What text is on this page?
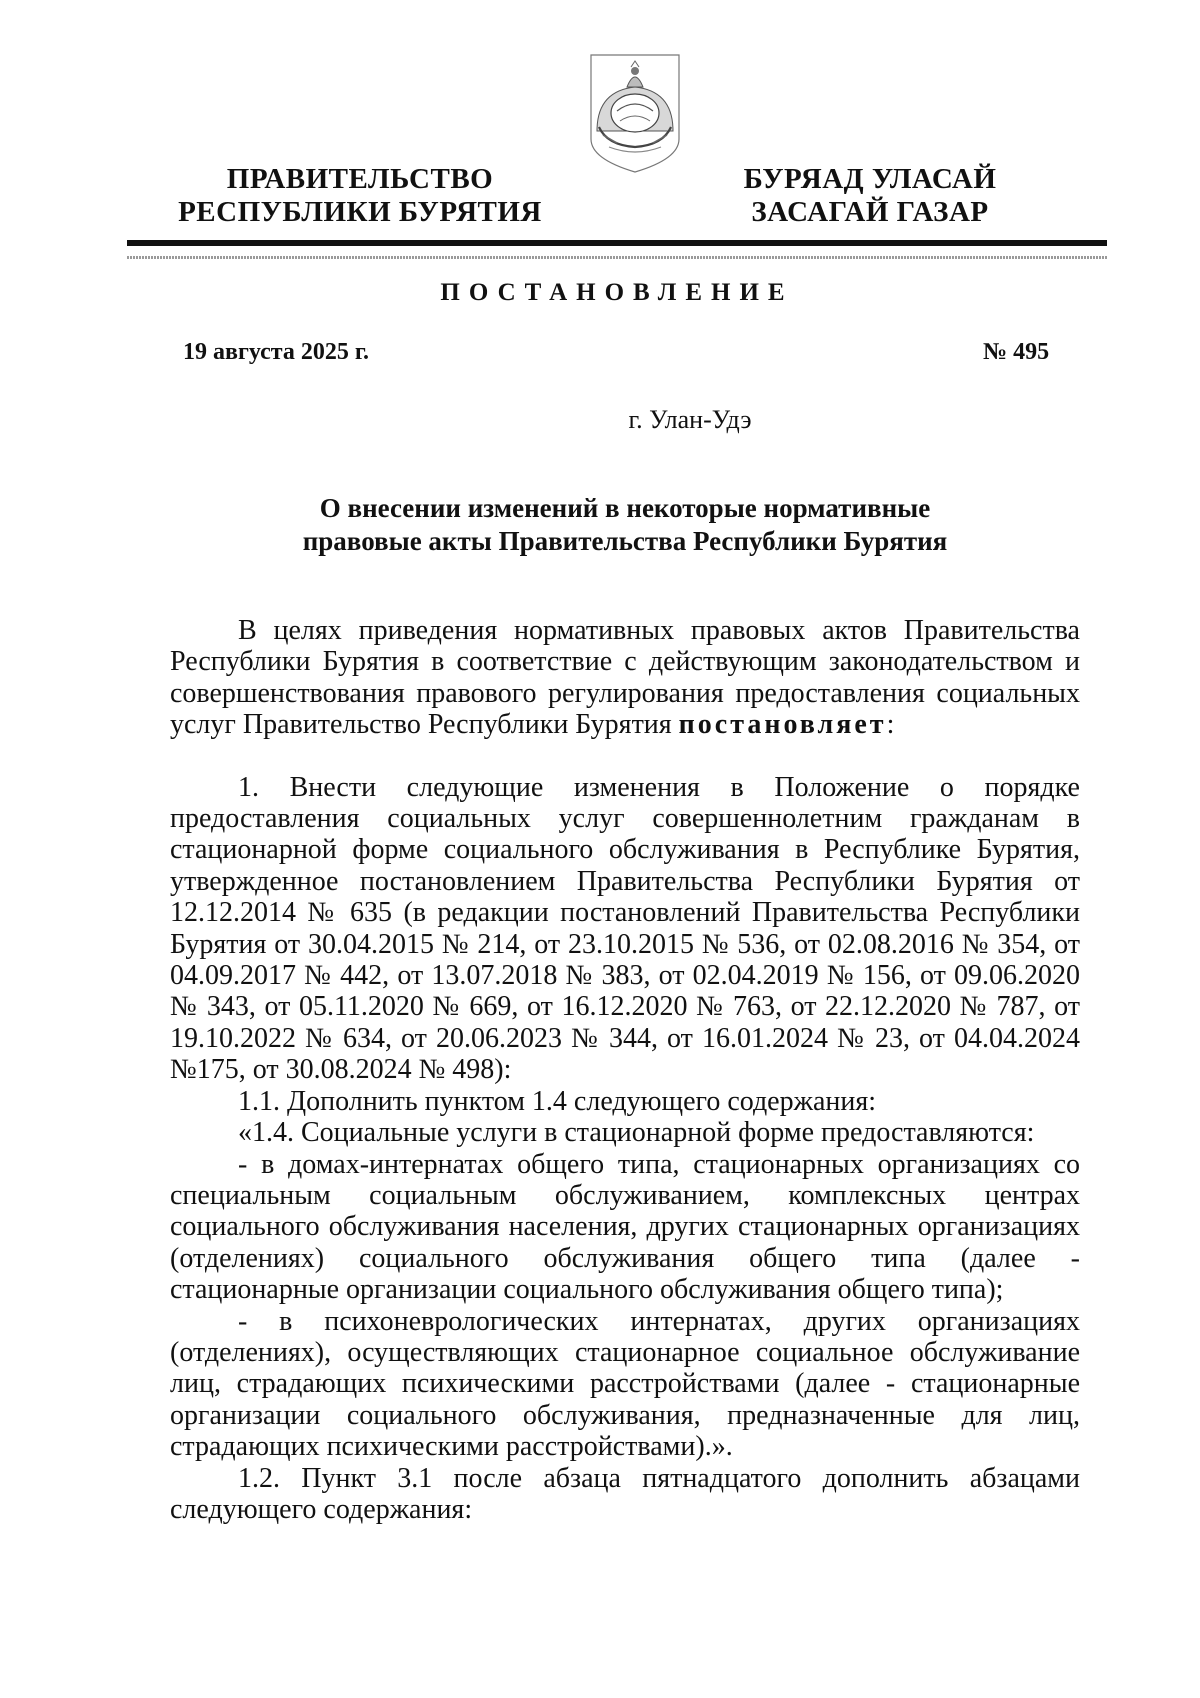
ПРАВИТЕЛЬСТВО
РЕСПУБЛИКИ БУРЯТИЯ
БУРЯАД УЛАСАЙ
ЗАСАГАЙ ГАЗАР
ПОСТАНОВЛЕНИЕ
19 августа 2025 г.	№ 495
г. Улан-Удэ
О внесении изменений в некоторые нормативные
правовые акты Правительства Республики Бурятия

В целях приведения нормативных правовых актов Правительства Республики Бурятия в соответствие с действующим законодательством и совершенствования правового регулирования предоставления социальных услуг Правительство Республики Бурятия постановляет:

1. Внести следующие изменения в Положение о порядке предоставления социальных услуг совершеннолетним гражданам в стационарной форме социального обслуживания в Республике Бурятия, утвержденное постановлением Правительства Республики Бурятия от 12.12.2014 № 635 (в редакции постановлений Правительства Республики Бурятия от 30.04.2015 № 214, от 23.10.2015 № 536, от 02.08.2016 № 354, от 04.09.2017 № 442, от 13.07.2018 № 383, от 02.04.2019 № 156, от 09.06.2020 № 343, от 05.11.2020 № 669, от 16.12.2020 № 763, от 22.12.2020 № 787, от 19.10.2022 № 634, от 20.06.2023 № 344, от 16.01.2024 № 23, от 04.04.2024 №175, от 30.08.2024 № 498):

1.1. Дополнить пунктом 1.4 следующего содержания:

«1.4. Социальные услуги в стационарной форме предоставляются:

- в домах-интернатах общего типа, стационарных организациях со специальным социальным обслуживанием, комплексных центрах социального обслуживания населения, других стационарных организациях (отделениях) социального обслуживания общего типа (далее - стационарные организации социального обслуживания общего типа);

- в психоневрологических интернатах, других организациях (отделениях), осуществляющих стационарное социальное обслуживание лиц, страдающих психическими расстройствами (далее - стационарные организации социального обслуживания, предназначенные для лиц, страдающих психическими расстройствами).».

1.2. Пункт 3.1 после абзаца пятнадцатого дополнить абзацами следующего содержания:
